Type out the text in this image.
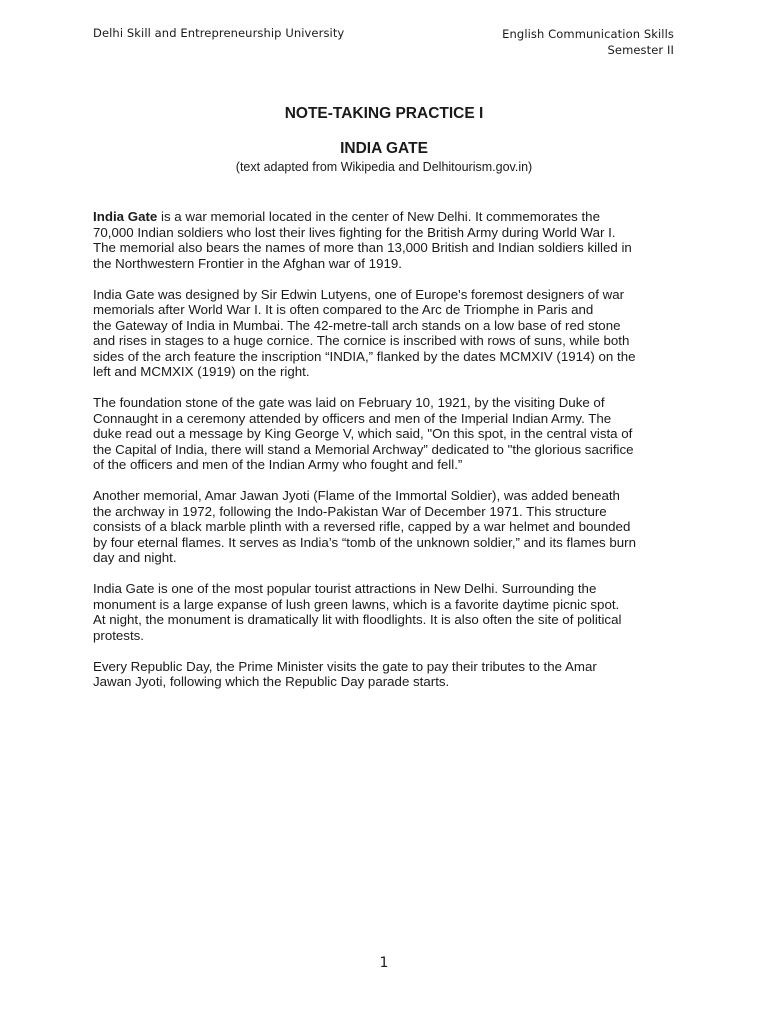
Delhi Skill and Entrepreneurship University	English Communication Skills
Semester II
NOTE-TAKING PRACTICE I
INDIA GATE
(text adapted from Wikipedia and Delhitourism.gov.in)
India Gate is a war memorial located in the center of New Delhi. It commemorates the
70,000 Indian soldiers who lost their lives fighting for the British Army during World War I.
The memorial also bears the names of more than 13,000 British and Indian soldiers killed in
the Northwestern Frontier in the Afghan war of 1919.
India Gate was designed by Sir Edwin Lutyens, one of Europe's foremost designers of war
memorials after World War I. It is often compared to the Arc de Triomphe in Paris and
the Gateway of India in Mumbai. The 42-metre-tall arch stands on a low base of red stone
and rises in stages to a huge cornice. The cornice is inscribed with rows of suns, while both
sides of the arch feature the inscription “INDIA,” flanked by the dates MCMXIV (1914) on the
left and MCMXIX (1919) on the right.
The foundation stone of the gate was laid on February 10, 1921, by the visiting Duke of
Connaught in a ceremony attended by officers and men of the Imperial Indian Army. The
duke read out a message by King George V, which said, "On this spot, in the central vista of
the Capital of India, there will stand a Memorial Archway” dedicated to "the glorious sacrifice
of the officers and men of the Indian Army who fought and fell.”
Another memorial, Amar Jawan Jyoti (Flame of the Immortal Soldier), was added beneath
the archway in 1972, following the Indo-Pakistan War of December 1971. This structure
consists of a black marble plinth with a reversed rifle, capped by a war helmet and bounded
by four eternal flames. It serves as India’s “tomb of the unknown soldier,” and its flames burn
day and night.
India Gate is one of the most popular tourist attractions in New Delhi. Surrounding the
monument is a large expanse of lush green lawns, which is a favorite daytime picnic spot.
At night, the monument is dramatically lit with floodlights. It is also often the site of political
protests.
Every Republic Day, the Prime Minister visits the gate to pay their tributes to the Amar
Jawan Jyoti, following which the Republic Day parade starts.
1
